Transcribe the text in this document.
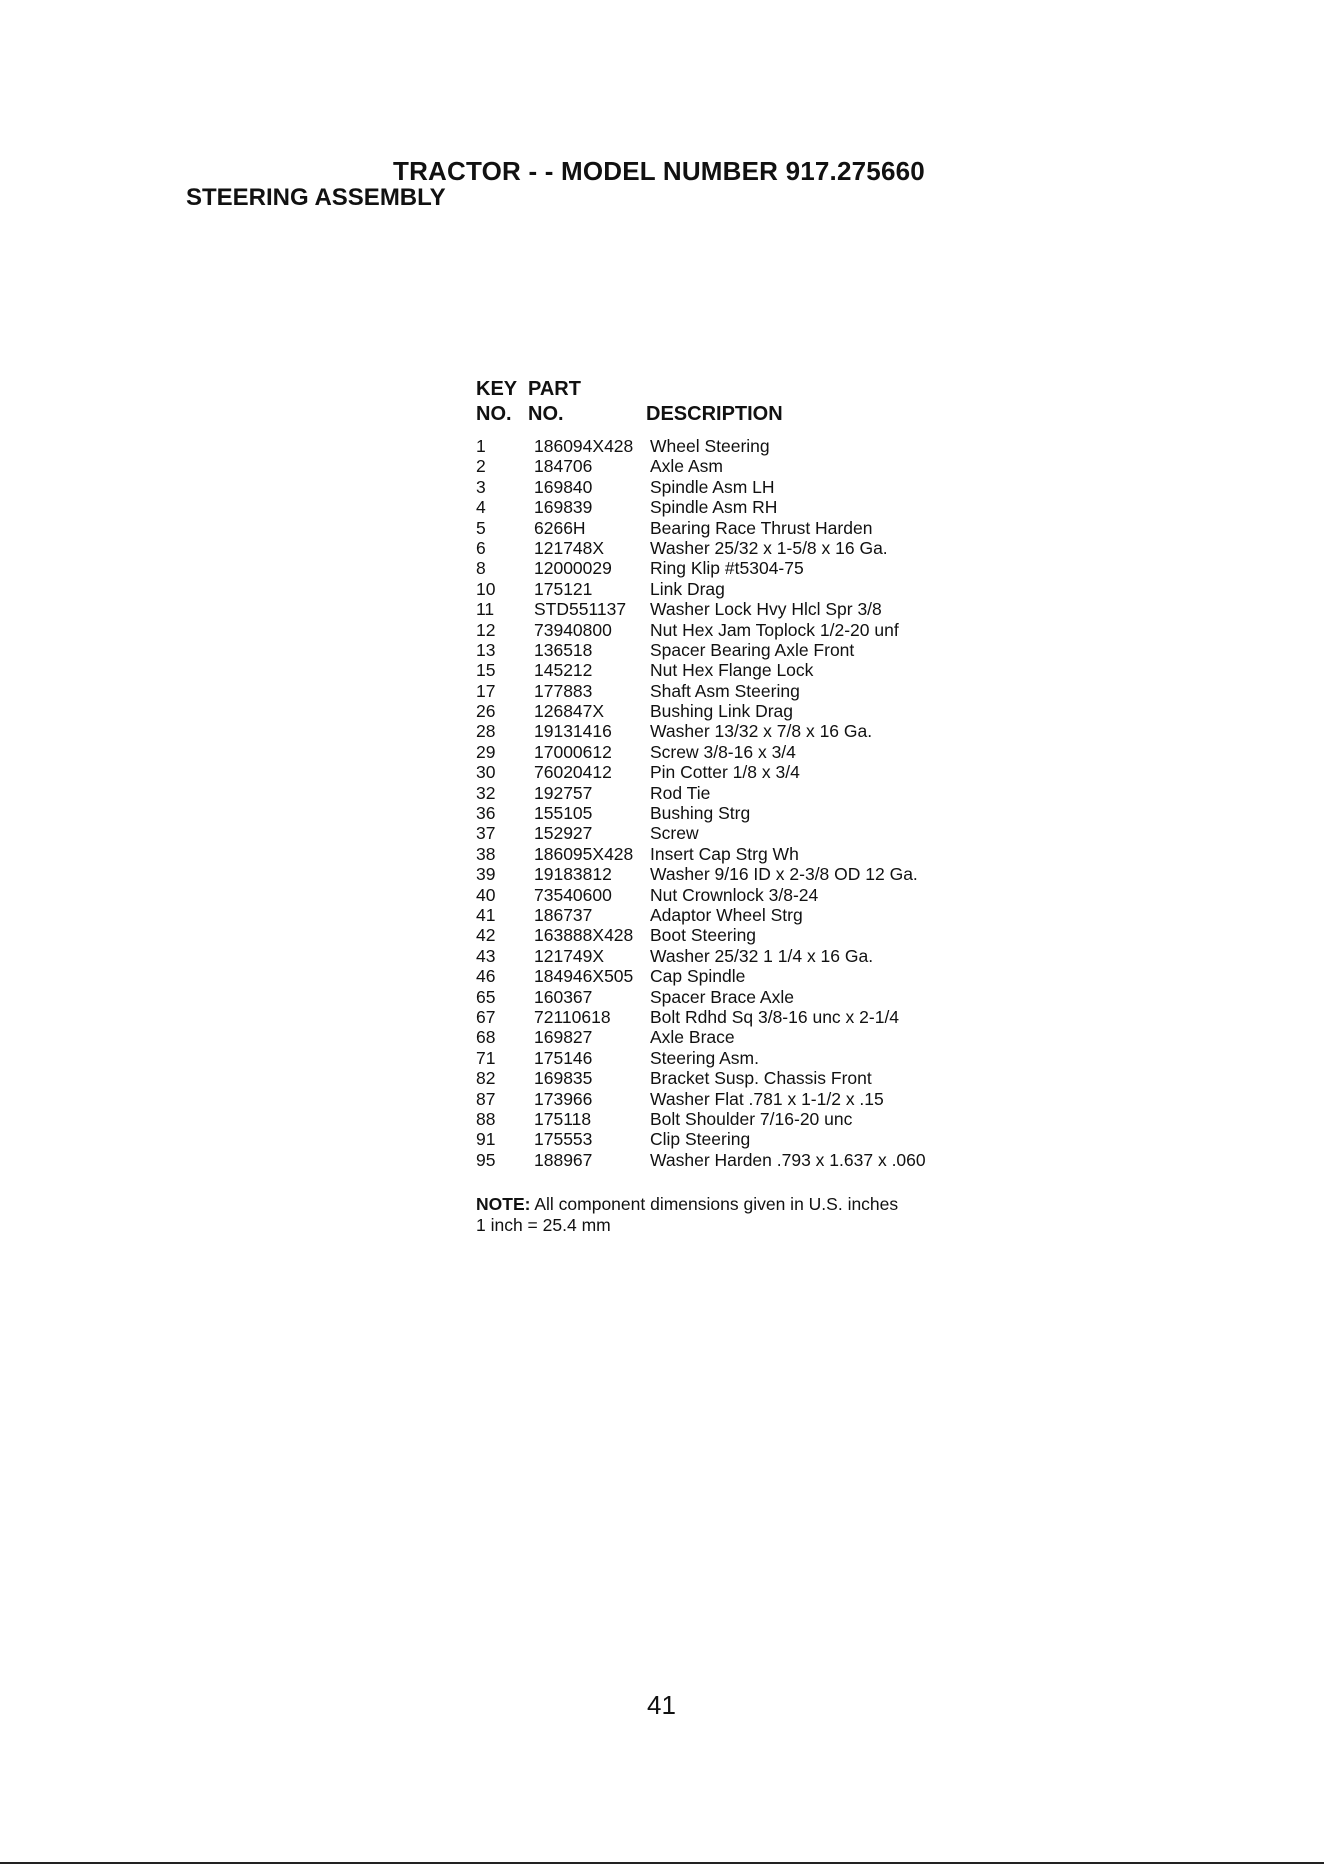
TRACTOR - - MODEL NUMBER 917.275660
STEERING ASSEMBLY
KEY PART
NO. NO.	DESCRIPTION
1	186094X428 Wheel Steering
2	184706	Axle Asm
3	169840	Spindle Asm LH
4	169839	Spindle Asm RH
5	6266H	Bearing Race Thrust Harden
6	121748X	Washer 25/32 x 1-5/8 x 16 Ga.
8	12000029 Ring Klip #t5304-75
10 175121	Link Drag
11 STD551137 Washer Lock Hvy Hlcl Spr 3/8
12 73940800 Nut Hex Jam Toplock 1/2-20 unf
13 136518	Spacer Bearing Axle Front
15 145212	Nut Hex Flange Lock
17 177883	Shaft Asm Steering
26 126847X	Bushing Link Drag
28 19131416 Washer 13/32 x 7/8 x 16 Ga.
29 17000612 Screw 3/8-16 x 3/4
30 76020412 Pin Cotter 1/8 x 3/4
32 192757	Rod Tie
36 155105	Bushing Strg
37 152927	Screw
38 186095X428 Insert Cap Strg Wh
39 19183812 Washer 9/16 ID x 2-3/8 OD 12 Ga.
40 73540600 Nut Crownlock 3/8-24
41 186737	Adaptor Wheel Strg
42 163888X428 Boot Steering
43 121749X	Washer 25/32 1 1/4 x 16 Ga.
46 184946X505 Cap Spindle
65 160367	Spacer Brace Axle
67 72110618 Bolt Rdhd Sq 3/8-16 unc x 2-1/4
68 169827	Axle Brace
71 175146	Steering Asm.
82 169835	Bracket Susp. Chassis Front
87 173966	Washer Flat .781 x 1-1/2 x .15
88 175118	Bolt Shoulder 7/16-20 unc
91 175553	Clip Steering
95 188967	Washer Harden .793 x 1.637 x .060
NOTE: All component dimensions given in U.S. inches
1 inch = 25.4 mm
41
